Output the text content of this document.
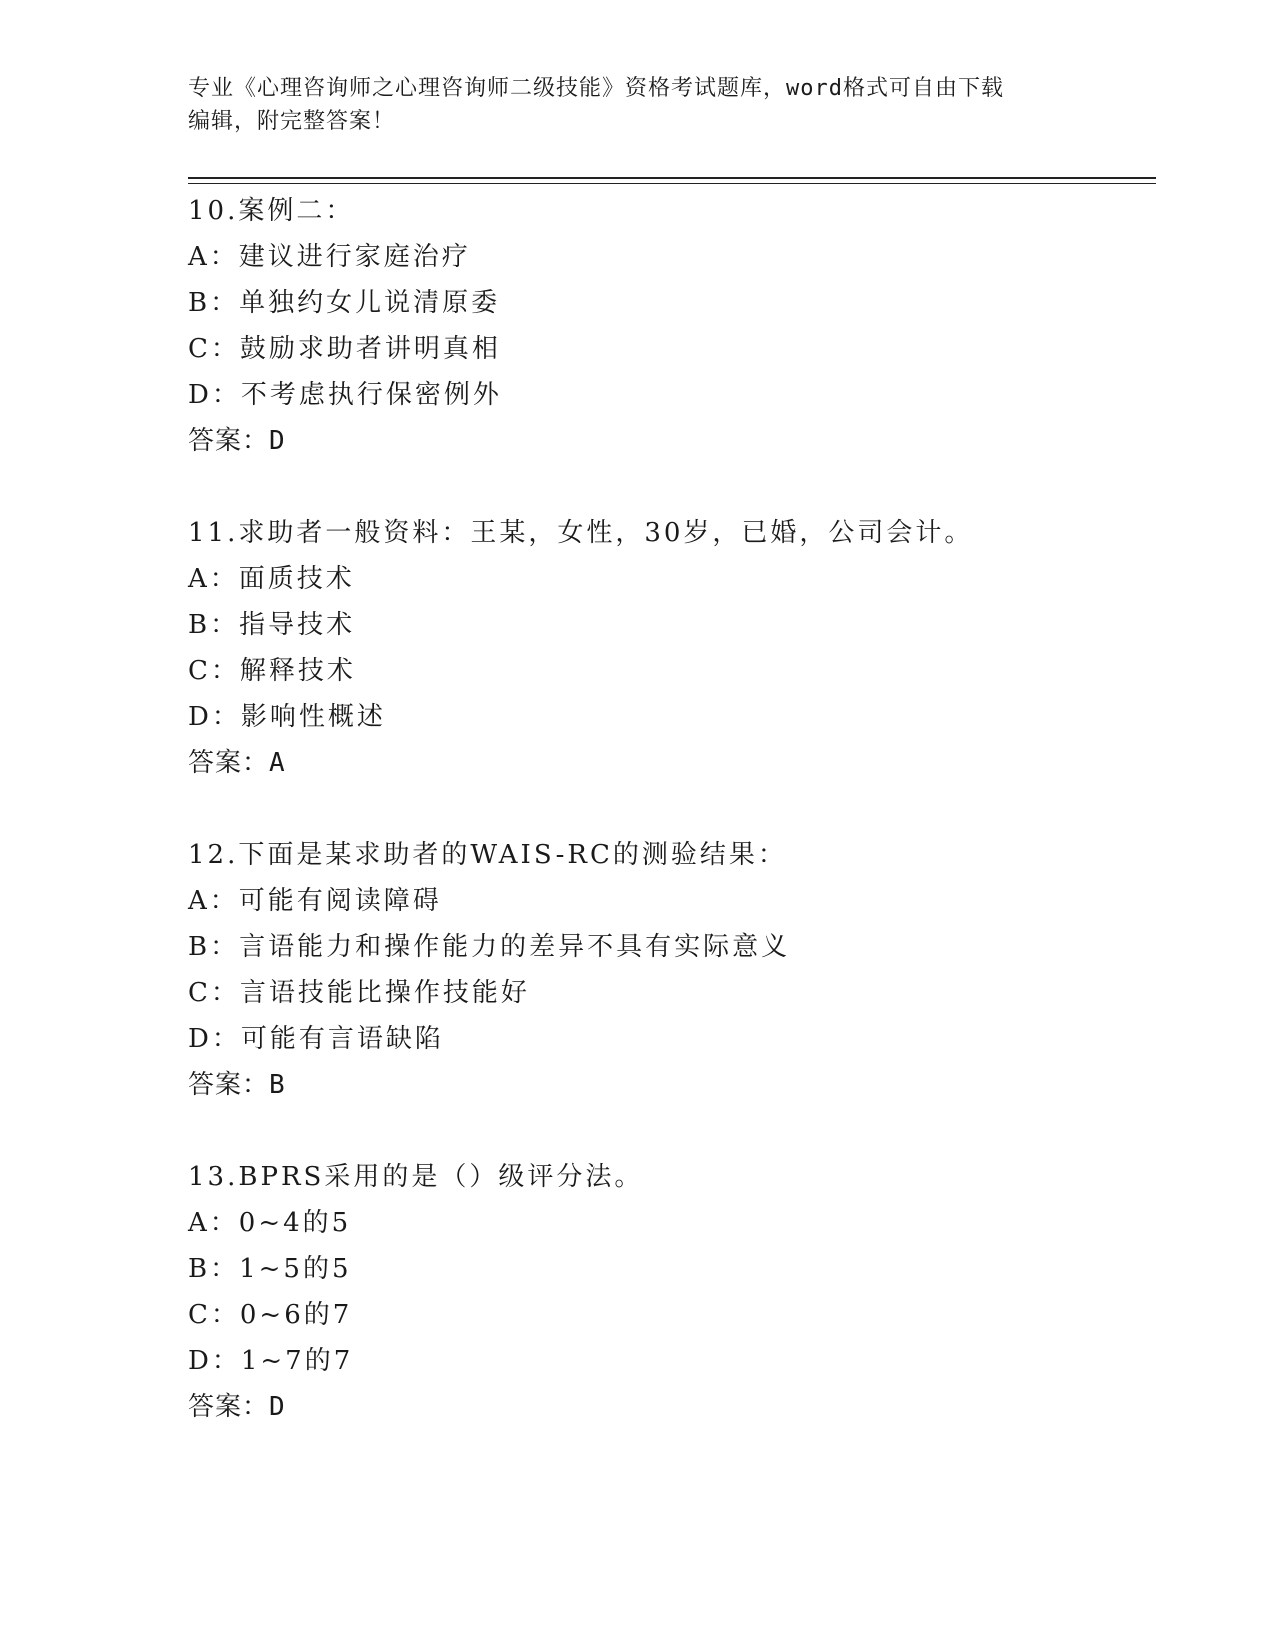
专业《心理咨询师之心理咨询师二级技能》资格考试题库，word格式可自由下载
编辑，附完整答案！
10.案例二：
A：建议进行家庭治疗
B：单独约女儿说清原委
C：鼓励求助者讲明真相
D：不考虑执行保密例外
答案：D
11.求助者一般资料：王某，女性，30岁，已婚，公司会计。
A：面质技术
B：指导技术
C：解释技术
D：影响性概述
答案：A
12.下面是某求助者的WAIS-RC的测验结果：
A：可能有阅读障碍
B：言语能力和操作能力的差异不具有实际意义
C：言语技能比操作技能好
D：可能有言语缺陷
答案：B
13.BPRS采用的是（）级评分法。
A：0~4的5
B：1~5的5
C：0~6的7
D：1~7的7
答案：D
